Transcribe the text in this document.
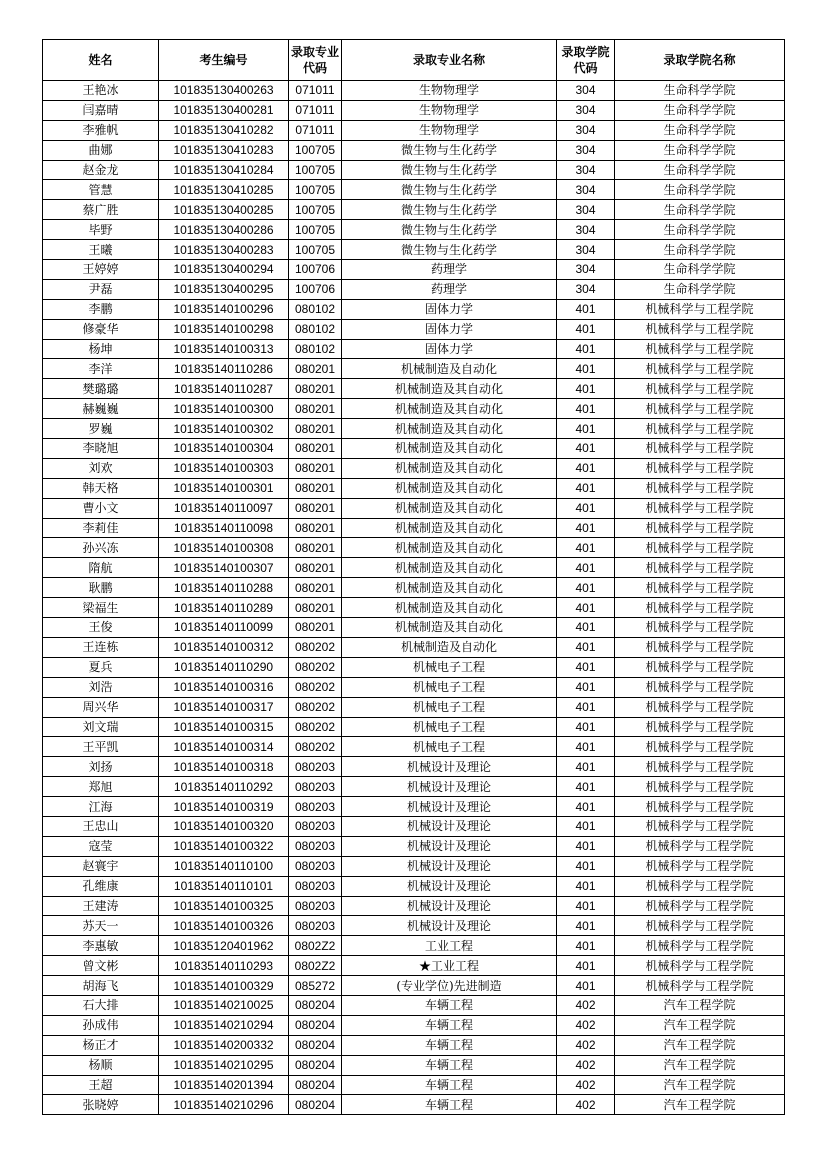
姓名	考生编号	录取专业代码	录取专业名称	录取学院代码	录取学院名称
王艳冰	101835130400263	071011	生物物理学	304	生命科学学院
闫嘉晴	101835130400281	071011	生物物理学	304	生命科学学院
李雅帆	101835130410282	071011	生物物理学	304	生命科学学院
曲娜	101835130410283	100705	微生物与生化药学	304	生命科学学院
赵金龙	101835130410284	100705	微生物与生化药学	304	生命科学学院
管慧	101835130410285	100705	微生物与生化药学	304	生命科学学院
蔡广胜	101835130400285	100705	微生物与生化药学	304	生命科学学院
毕野	101835130400286	100705	微生物与生化药学	304	生命科学学院
王曦	101835130400283	100705	微生物与生化药学	304	生命科学学院
王婷婷	101835130400294	100706	药理学	304	生命科学学院
尹磊	101835130400295	100706	药理学	304	生命科学学院
李鹏	101835140100296	080102	固体力学	401	机械科学与工程学院
修豪华	101835140100298	080102	固体力学	401	机械科学与工程学院
杨坤	101835140100313	080102	固体力学	401	机械科学与工程学院
李洋	101835140110286	080201	机械制造及自动化	401	机械科学与工程学院
樊璐璐	101835140110287	080201	机械制造及其自动化	401	机械科学与工程学院
赫巍巍	101835140100300	080201	机械制造及其自动化	401	机械科学与工程学院
罗巍	101835140100302	080201	机械制造及其自动化	401	机械科学与工程学院
李晓旭	101835140100304	080201	机械制造及其自动化	401	机械科学与工程学院
刘欢	101835140100303	080201	机械制造及其自动化	401	机械科学与工程学院
韩天格	101835140100301	080201	机械制造及其自动化	401	机械科学与工程学院
曹小文	101835140110097	080201	机械制造及其自动化	401	机械科学与工程学院
李莉佳	101835140110098	080201	机械制造及其自动化	401	机械科学与工程学院
孙兴冻	101835140100308	080201	机械制造及其自动化	401	机械科学与工程学院
隋航	101835140100307	080201	机械制造及其自动化	401	机械科学与工程学院
耿鹏	101835140110288	080201	机械制造及其自动化	401	机械科学与工程学院
梁福生	101835140110289	080201	机械制造及其自动化	401	机械科学与工程学院
王俊	101835140110099	080201	机械制造及其自动化	401	机械科学与工程学院
王连栋	101835140100312	080202	机械制造及自动化	401	机械科学与工程学院
夏兵	101835140110290	080202	机械电子工程	401	机械科学与工程学院
刘浩	101835140100316	080202	机械电子工程	401	机械科学与工程学院
周兴华	101835140100317	080202	机械电子工程	401	机械科学与工程学院
刘文瑞	101835140100315	080202	机械电子工程	401	机械科学与工程学院
王平凯	101835140100314	080202	机械电子工程	401	机械科学与工程学院
刘扬	101835140100318	080203	机械设计及理论	401	机械科学与工程学院
郑旭	101835140110292	080203	机械设计及理论	401	机械科学与工程学院
江海	101835140100319	080203	机械设计及理论	401	机械科学与工程学院
王忠山	101835140100320	080203	机械设计及理论	401	机械科学与工程学院
寇莹	101835140100322	080203	机械设计及理论	401	机械科学与工程学院
赵寰宇	101835140110100	080203	机械设计及理论	401	机械科学与工程学院
孔维康	101835140110101	080203	机械设计及理论	401	机械科学与工程学院
王建涛	101835140100325	080203	机械设计及理论	401	机械科学与工程学院
苏天一	101835140100326	080203	机械设计及理论	401	机械科学与工程学院
李惠敏	101835120401962	0802Z2	工业工程	401	机械科学与工程学院
曾文彬	101835140110293	0802Z2	★工业工程	401	机械科学与工程学院
胡海飞	101835140100329	085272	(专业学位)先进制造	401	机械科学与工程学院
石大排	101835140210025	080204	车辆工程	402	汽车工程学院
孙成伟	101835140210294	080204	车辆工程	402	汽车工程学院
杨正才	101835140200332	080204	车辆工程	402	汽车工程学院
杨顺	101835140210295	080204	车辆工程	402	汽车工程学院
王超	101835140201394	080204	车辆工程	402	汽车工程学院
张晓婷	101835140210296	080204	车辆工程	402	汽车工程学院
